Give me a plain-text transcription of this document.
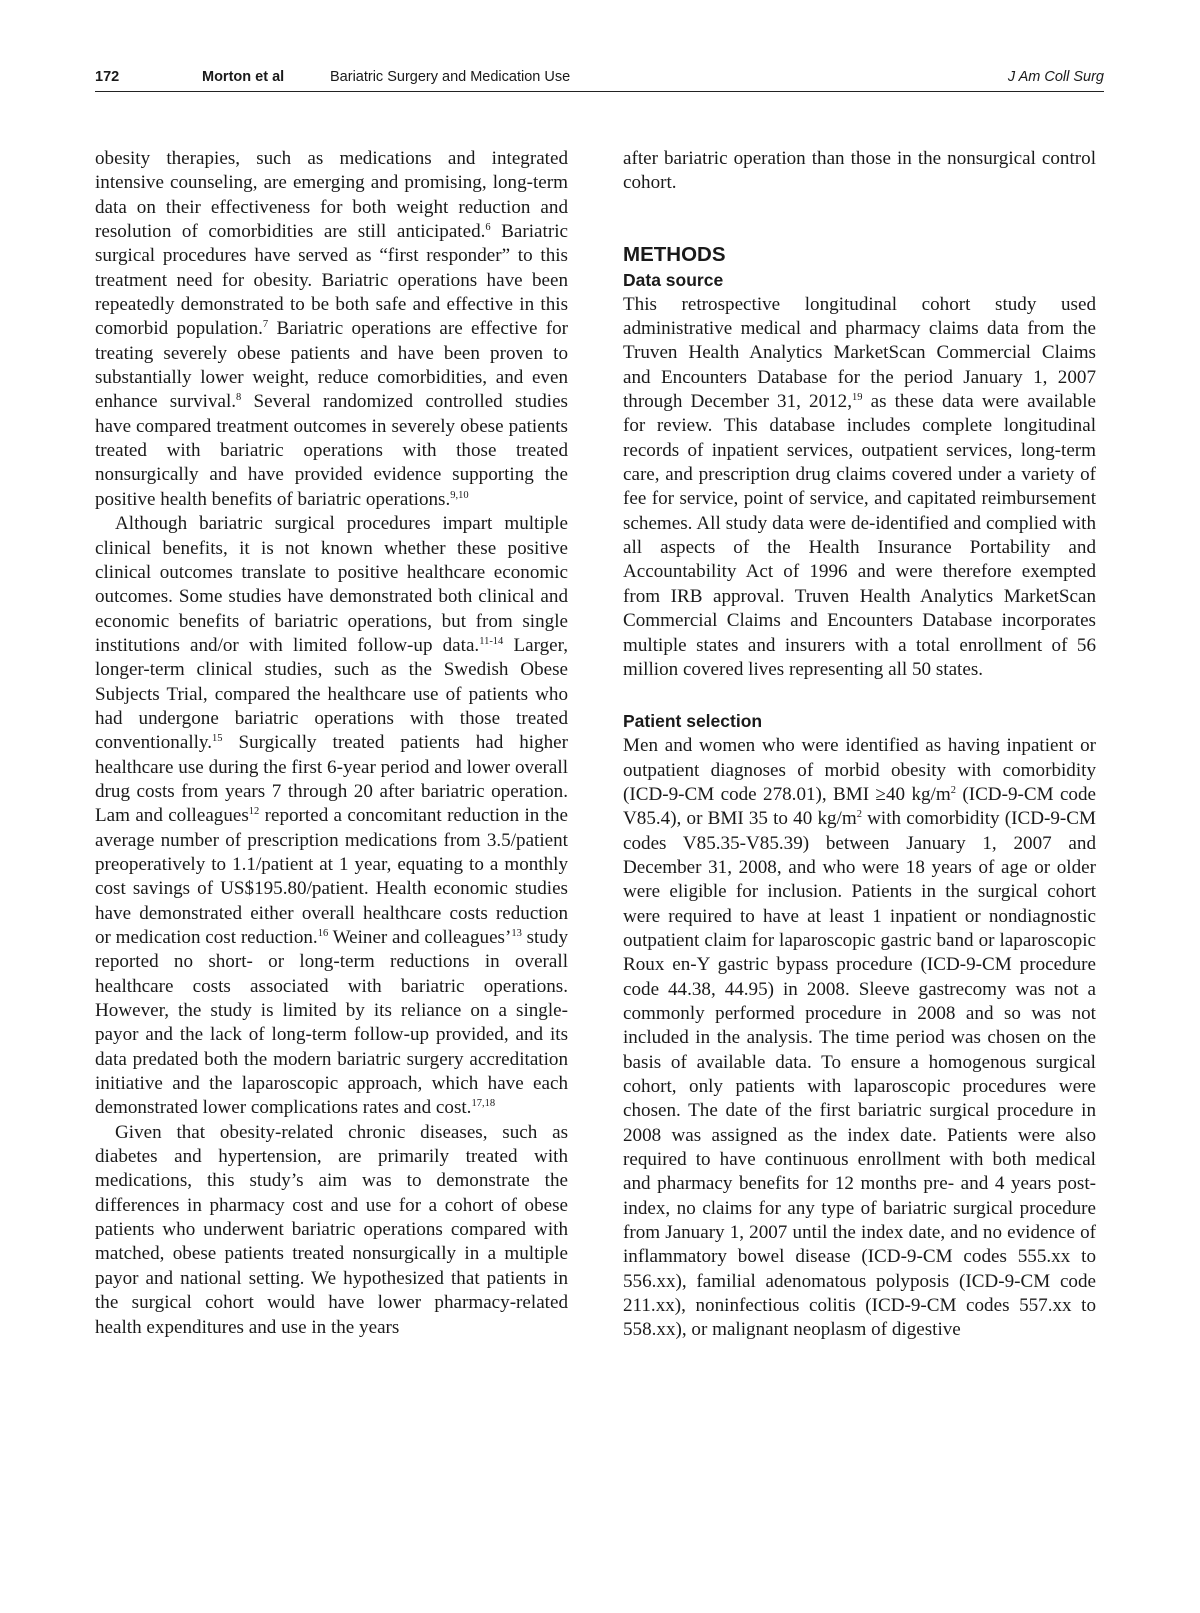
172	Morton et al	Bariatric Surgery and Medication Use	J Am Coll Surg

obesity therapies, such as medications and integrated intensive counseling, are emerging and promising, long-term data on their effectiveness for both weight reduction and resolution of comorbidities are still anticipated.$^6$ Bariatric surgical procedures have served as “first responder” to this treatment need for obesity. Bariatric operations have been repeatedly demonstrated to be both safe and effective in this comorbid population.$^7$ Bariatric operations are effective for treating severely obese patients and have been proven to substantially lower weight, reduce comorbidities, and even enhance survival.$^8$ Several randomized controlled studies have compared treatment outcomes in severely obese patients treated with bariatric operations with those treated nonsurgically and have provided evidence supporting the positive health benefits of bariatric operations.$^{9,10}$

Although bariatric surgical procedures impart multiple clinical benefits, it is not known whether these positive clinical outcomes translate to positive healthcare economic outcomes. Some studies have demonstrated both clinical and economic benefits of bariatric operations, but from single institutions and/or with limited follow-up data.$^{11-14}$ Larger, longer-term clinical studies, such as the Swedish Obese Subjects Trial, compared the healthcare use of patients who had undergone bariatric operations with those treated conventionally.$^{15}$ Surgically treated patients had higher healthcare use during the first 6-year period and lower overall drug costs from years 7 through 20 after bariatric operation. Lam and colleagues$^{12}$ reported a concomitant reduction in the average number of prescription medications from 3.5/patient preoperatively to 1.1/patient at 1 year, equating to a monthly cost savings of US$195.80/patient. Health economic studies have demonstrated either overall healthcare costs reduction or medication cost reduction.$^{16}$ Weiner and colleagues’$^{13}$ study reported no short- or long-term reductions in overall healthcare costs associated with bariatric operations. However, the study is limited by its reliance on a single-payor and the lack of long-term follow-up provided, and its data predated both the modern bariatric surgery accreditation initiative and the laparoscopic approach, which have each demonstrated lower complications rates and cost.$^{17,18}$

Given that obesity-related chronic diseases, such as diabetes and hypertension, are primarily treated with medications, this study’s aim was to demonstrate the differences in pharmacy cost and use for a cohort of obese patients who underwent bariatric operations compared with matched, obese patients treated nonsurgically in a multiple payor and national setting. We hypothesized that patients in the surgical cohort would have lower pharmacy-related health expenditures and use in the years

after bariatric operation than those in the nonsurgical control cohort.

METHODS
Data source

This retrospective longitudinal cohort study used administrative medical and pharmacy claims data from the Truven Health Analytics MarketScan Commercial Claims and Encounters Database for the period January 1, 2007 through December 31, 2012,19 as these data were available for review. This database includes complete longitudinal records of inpatient services, outpatient services, long-term care, and prescription drug claims covered under a variety of fee for service, point of service, and capitated reimbursement schemes. All study data were de-identified and complied with all aspects of the Health Insurance Portability and Accountability Act of 1996 and were therefore exempted from IRB approval. Truven Health Analytics MarketScan Commercial Claims and Encounters Database incorporates multiple states and insurers with a total enrollment of 56 million covered lives representing all 50 states.

Patient selection

Men and women who were identified as having inpatient or outpatient diagnoses of morbid obesity with comorbidity (ICD-9-CM code 278.01), BMI ≥40 $kg/m^2$ (ICD-9-CM code V85.4), or BMI 35 to 40 $kg/m^2$ with comorbidity (ICD-9-CM codes V85.35-V85.39) between January 1, 2007 and December 31, 2008, and who were 18 years of age or older were eligible for inclusion. Patients in the surgical cohort were required to have at least 1 inpatient or nondiagnostic outpatient claim for laparoscopic gastric band or laparoscopic Roux en-Y gastric bypass procedure (ICD-9-CM procedure code 44.38, 44.95) in 2008. Sleeve gastrecomy was not a commonly performed procedure in 2008 and so was not included in the analysis. The time period was chosen on the basis of available data. To ensure a homogenous surgical cohort, only patients with laparoscopic procedures were chosen. The date of the first bariatric surgical procedure in 2008 was assigned as the index date. Patients were also required to have continuous enrollment with both medical and pharmacy benefits for 12 months pre- and 4 years post-index, no claims for any type of bariatric surgical procedure from January 1, 2007 until the index date, and no evidence of inflammatory bowel disease (ICD-9-CM codes 555.xx to 556.xx), familial adenomatous polyposis (ICD-9-CM code 211.xx), noninfectious colitis (ICD-9-CM codes 557.xx to 558.xx), or malignant neoplasm of digestive
